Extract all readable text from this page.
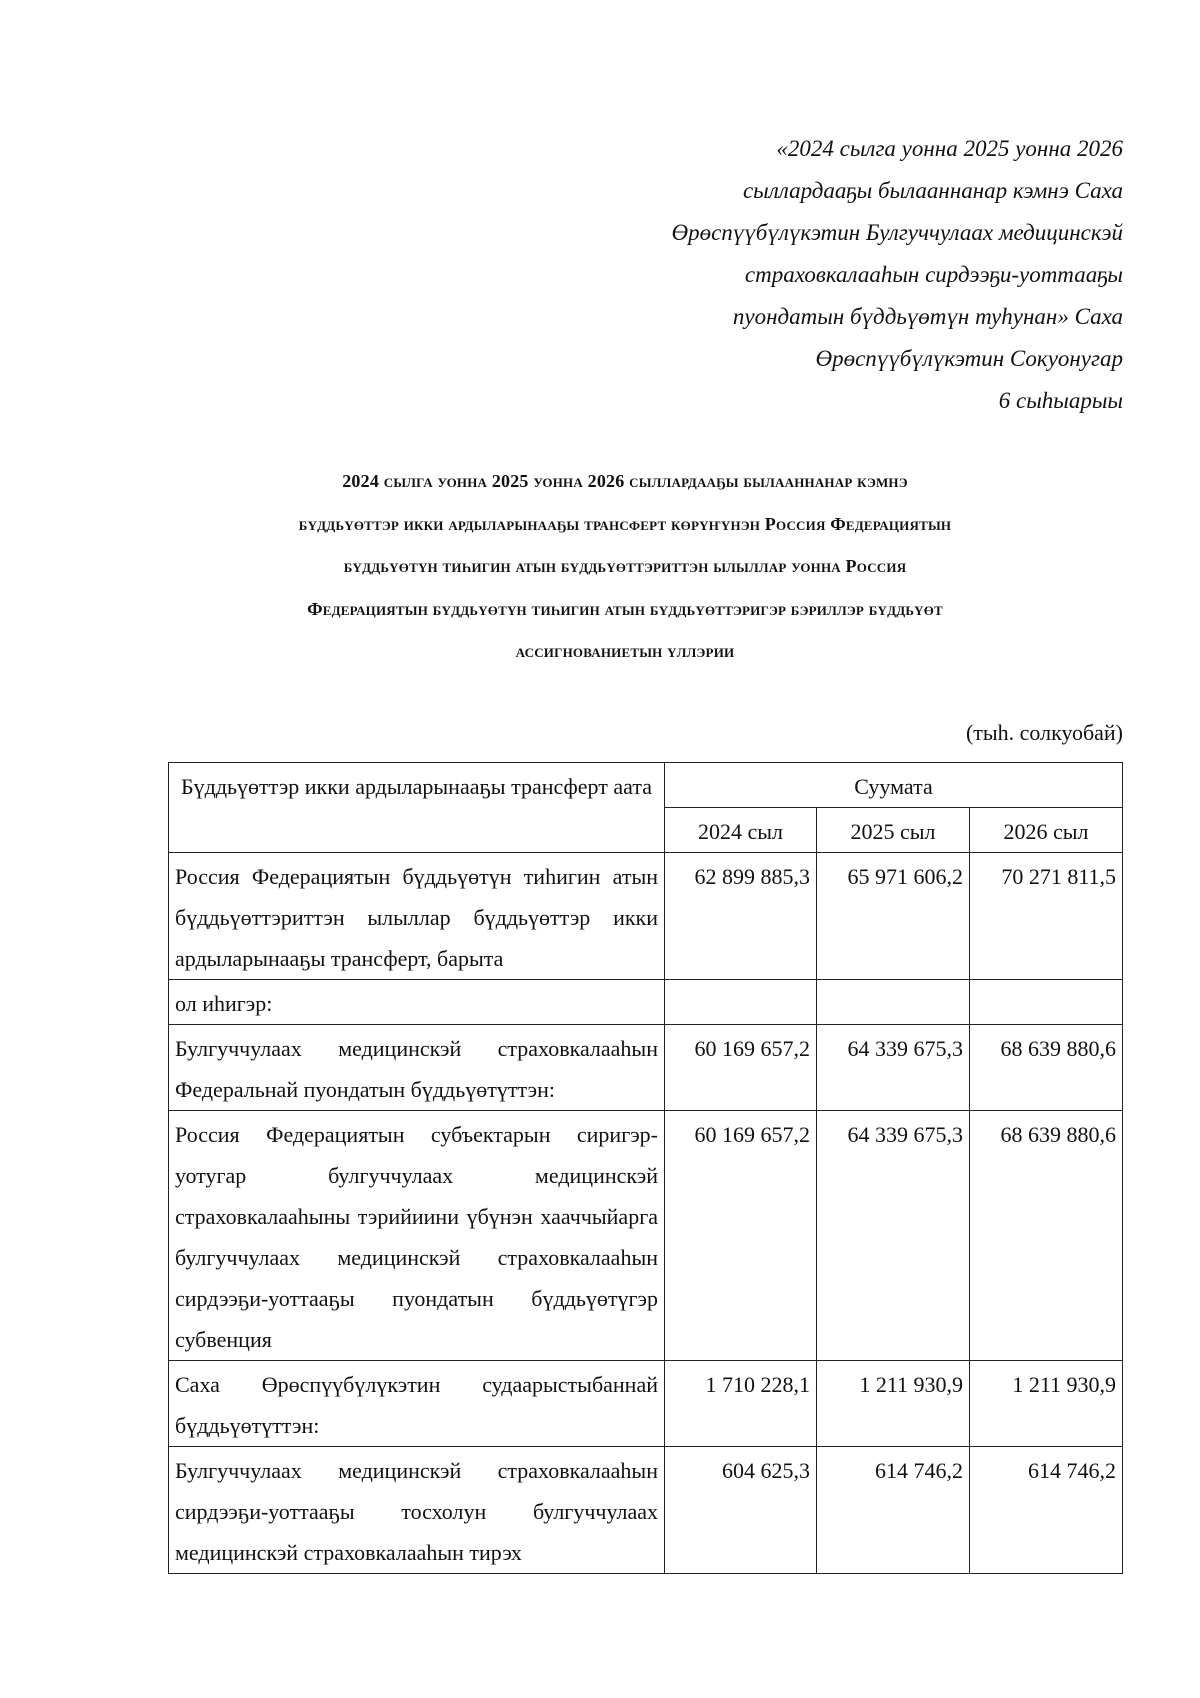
«2024 сылга уонна 2025 уонна 2026
сыллардааҕы былааннанар кэмнэ Саха
Өрөспүүбүлүкэтин Булгуччулаах медицинскэй
страховкалааһын сирдээҕи-уоттааҕы
пуондатын бүддьүөтүн туһунан» Саха
Өрөспүүбүлүкэтин Сокуонугар
6 сыһыарыы
2024 сылга уонна 2025 уонна 2026 сыллардааҕы былааннанар кэмнэ
бүддьүөттэр икки ардыларынааҕы трансферт көрүҥүнэн Россия Федерациятын
бүддьүөтүн тиһигин атын бүддьүөттэриттэн ылыллар уонна Россия
Федерациятын бүддьүөтүн тиһигин атын бүддьүөттэригэр бэриллэр бүддьүөт
ассигнованиетын үллэрии
(тыһ. солкуобай)
Бүддьүөттэр икки ардыларынааҕы трансферт аата	Суумата		
	2024 сыл	2025 сыл	2026 сыл
Россия Федерациятын бүддьүөтүн тиһигин атын бүддьүөттэриттэн ылыллар бүддьүөттэр икки ардыларынааҕы трансферт, барыта	62 899 885,3	65 971 606,2	70 271 811,5
ол иһигэр:			
Булгуччулаах медицинскэй страховкалааһын Федеральнай пуондатын бүддьүөтүттэн:	60 169 657,2	64 339 675,3	68 639 880,6
Россия Федерациятын субъектарын сиригэр-уотугар булгуччулаах медицинскэй страховкалааһыны тэрийиини үбүнэн хааччыйарга булгуччулаах медицинскэй страховкалааһын сирдээҕи-уоттааҕы пуондатын бүддьүөтүгэр субвенция	60 169 657,2	64 339 675,3	68 639 880,6
Саха Өрөспүүбүлүкэтин судаарыстыбаннай бүддьүөтүттэн:	1 710 228,1	1 211 930,9	1 211 930,9
Булгуччулаах медицинскэй страховкалааһын сирдээҕи-уоттааҕы тосхолун булгуччулаах медицинскэй страховкалааһын тирэх	604 625,3	614 746,2	614 746,2
